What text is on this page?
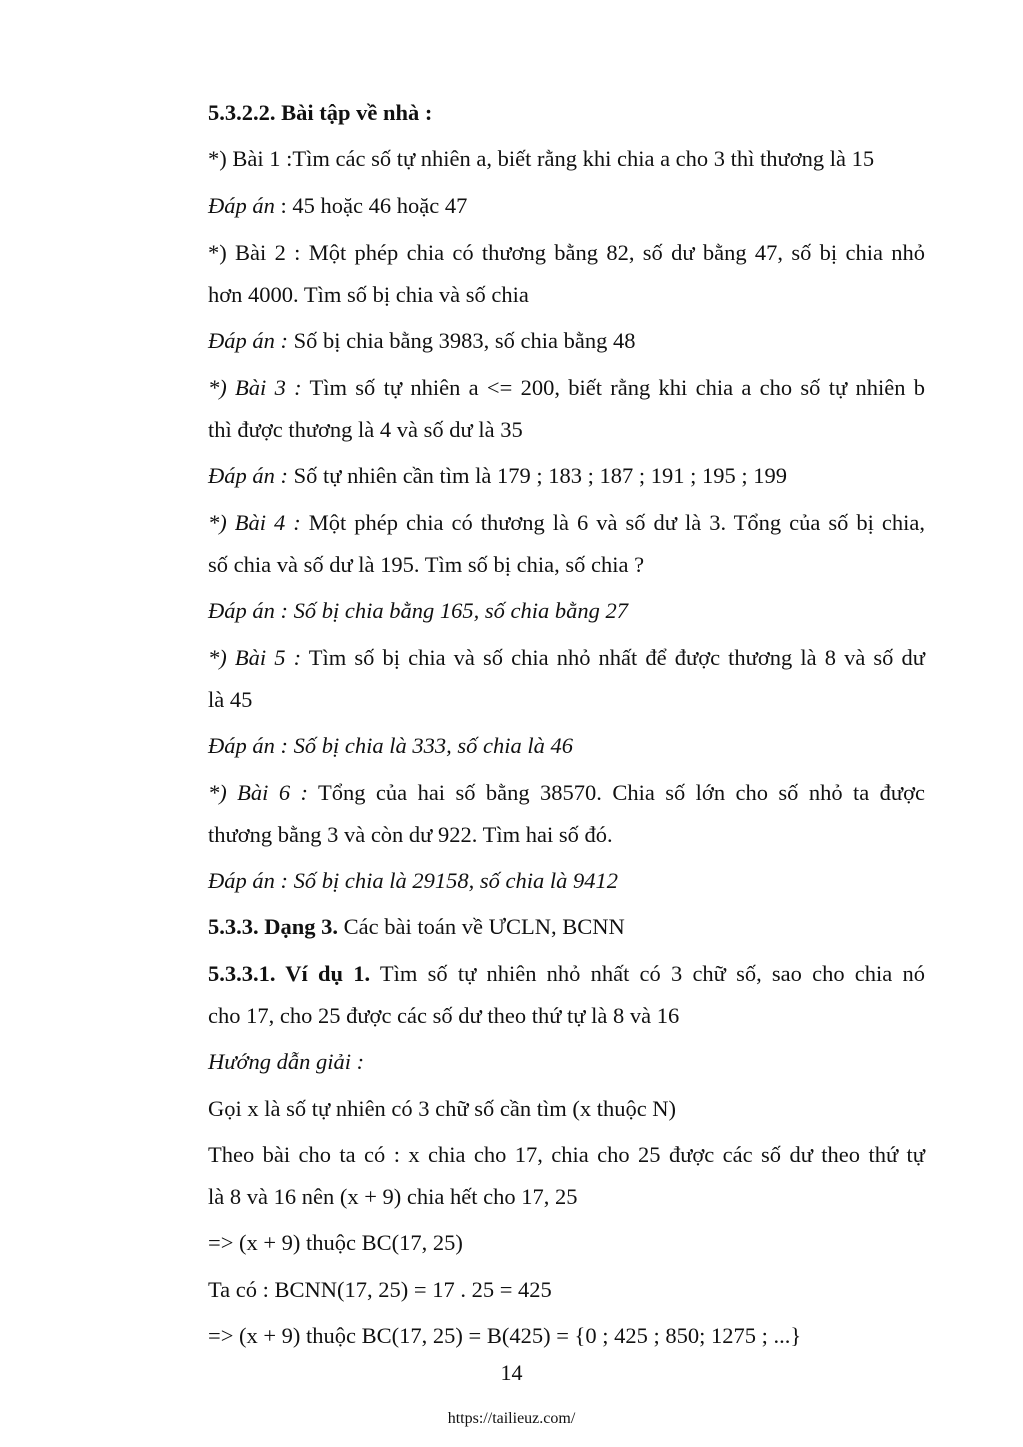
5.3.2.2. Bài tập về nhà :
*) Bài 1 :Tìm các số tự nhiên a, biết rằng khi chia a cho 3 thì thương là 15
Đáp án : 45 hoặc 46 hoặc 47
*) Bài 2 : Một phép chia có thương bằng 82, số dư bằng 47, số bị chia nhỏ
hơn 4000. Tìm số bị chia và số chia
Đáp án : Số bị chia bằng 3983, số chia bằng 48
*) Bài 3 : Tìm số tự nhiên a <= 200, biết rằng khi chia a cho số tự nhiên b
thì được thương là 4 và số dư là 35
Đáp án : Số tự nhiên cần tìm là 179 ; 183 ; 187 ; 191 ; 195 ; 199
*) Bài 4 : Một phép chia có thương là 6 và số dư là 3. Tổng của số bị chia,
số chia và số dư là 195. Tìm số bị chia, số chia ?
Đáp án : Số bị chia bằng 165, số chia bằng 27
*) Bài 5 : Tìm số bị chia và số chia nhỏ nhất để được thương là 8 và số dư
là 45
Đáp án : Số bị chia là 333, số chia là 46
*) Bài 6 : Tổng của hai số bằng 38570. Chia số lớn cho số nhỏ ta được
thương bằng 3 và còn dư 922. Tìm hai số đó.
Đáp án : Số bị chia là 29158, số chia là 9412
5.3.3. Dạng 3. Các bài toán về ƯCLN, BCNN
5.3.3.1. Ví dụ 1. Tìm số tự nhiên nhỏ nhất có 3 chữ số, sao cho chia nó
cho 17, cho 25 được các số dư theo thứ tự là 8 và 16
Hướng dẫn giải :
Gọi x là số tự nhiên có 3 chữ số cần tìm (x thuộc N)
Theo bài cho ta có : x chia cho 17, chia cho 25 được các số dư theo thứ tự
là 8 và 16 nên (x + 9) chia hết cho 17, 25
=> (x + 9) thuộc BC(17, 25)
Ta có : BCNN(17, 25) = 17 . 25 = 425
=> (x + 9) thuộc BC(17, 25) = B(425) = {0 ; 425 ; 850; 1275 ; ...}
14
https://tailieuz.com/
